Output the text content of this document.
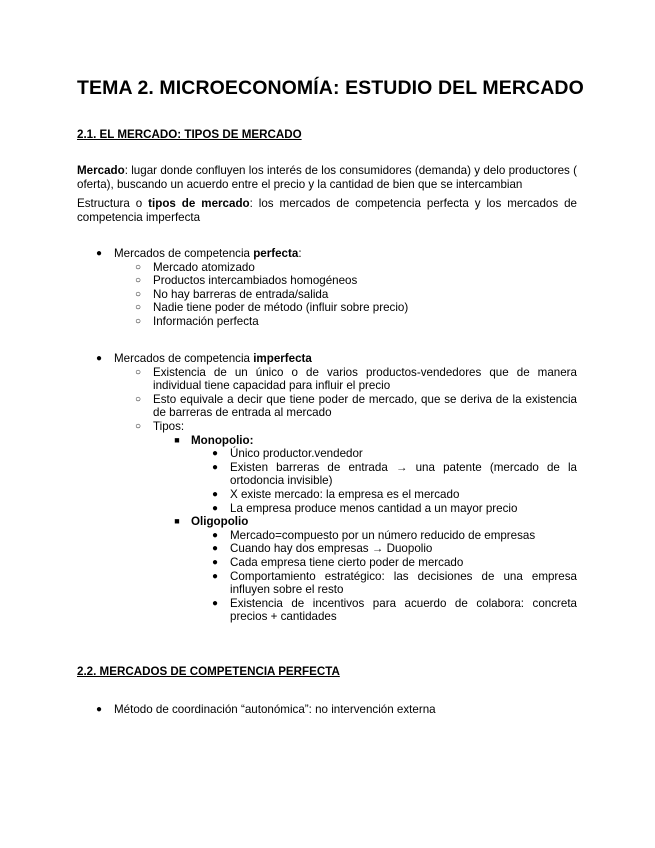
TEMA 2. MICROECONOMÍA: ESTUDIO DEL MERCADO
2.1. EL MERCADO: TIPOS DE MERCADO

Mercado: lugar donde confluyen los interés de los consumidores (demanda) y delo productores ( oferta), buscando un acuerdo entre el precio y la cantidad de bien que se intercambian

Estructura o tipos de mercado: los mercados de competencia perfecta y los mercados de competencia imperfecta

●	Mercados de competencia perfecta:
○	Mercado atomizado
○	Productos intercambiados homogéneos
○	No hay barreras de entrada/salida
○	Nadie tiene poder de método (influir sobre precio)
○	Información perfecta
●	Mercados de competencia imperfecta
○	Existencia de un único o de varios productos-vendedores que de manera individual tiene capacidad para influir el precio
○	Esto equivale a decir que tiene poder de mercado, que se deriva de la existencia de barreras de entrada al mercado
○	Tipos:
■ Monopolio:
●	Único productor.vendedor
●	Existen barreras de entrada → una patente (mercado de la ortodoncia invisible)
●	X existe mercado: la empresa es el mercado
●	La empresa produce menos cantidad a un mayor precio
■ Oligopolio
●	Mercado=compuesto por un número reducido de empresas
●	Cuando hay dos empresas → Duopolio
●	Cada empresa tiene cierto poder de mercado
●	Comportamiento estratégico: las decisiones de una empresa influyen sobre el resto
●	Existencia de incentivos para acuerdo de colabora: concreta precios + cantidades
2.2. MERCADOS DE COMPETENCIA PERFECTA
●	Método de coordinación “autonómica”: no intervención externa
